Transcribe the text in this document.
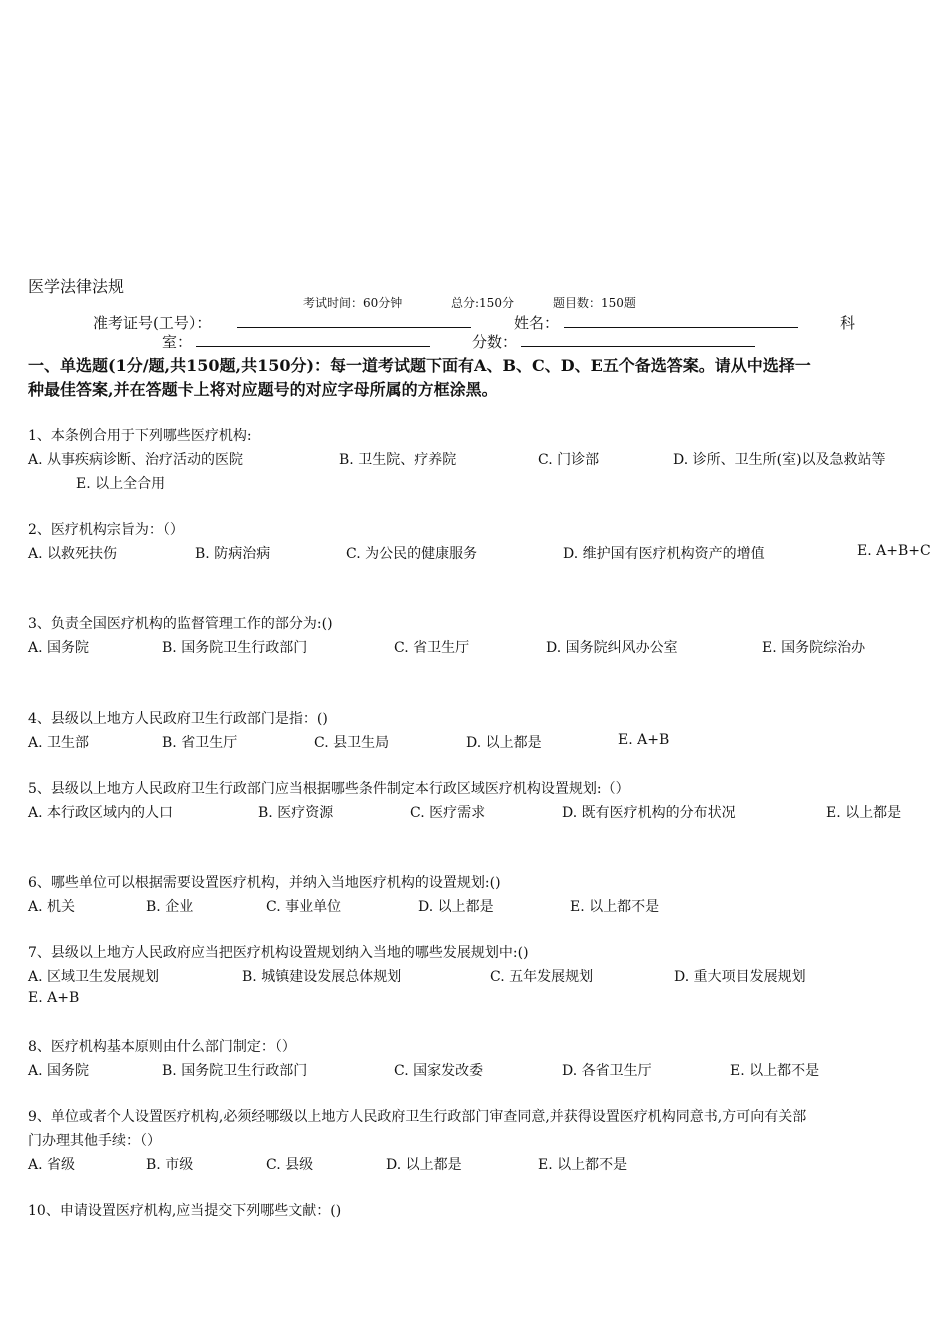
医学法律法规
考试时间：60分钟	总分:150分	题目数：150题
准考证号(工号）：	姓名：	科
室：	分数：
一、单选题(1分/题,共150题,共150分)：每一道考试题下面有A、B、C、D、E五个备选答案。请从中选择一
种最佳答案,并在答题卡上将对应题号的对应字母所属的方框涂黑。
1、本条例合用于下列哪些医疗机构:
A. 从事疾病诊断、治疗活动的医院	B. 卫生院、疗养院	C. 门诊部	D. 诊所、卫生所(室)以及急救站等
E. 以上全合用
2、医疗机构宗旨为：（）
A. 以救死扶伤	B. 防病治病	C. 为公民的健康服务	D. 维护国有医疗机构资产的增值	E. A+B+C
3、负责全国医疗机构的监督管理工作的部分为:()
A. 国务院	B. 国务院卫生行政部门	C. 省卫生厅	D. 国务院纠风办公室	E. 国务院综治办
4、县级以上地方人民政府卫生行政部门是指：()
A. 卫生部	B. 省卫生厅	C. 县卫生局	D. 以上都是	E. A+B
5、县级以上地方人民政府卫生行政部门应当根据哪些条件制定本行政区域医疗机构设置规划:（）
A. 本行政区域内的人口	B. 医疗资源	C. 医疗需求	D. 既有医疗机构的分布状况	E. 以上都是
6、哪些单位可以根据需要设置医疗机构，并纳入当地医疗机构的设置规划:()
A. 机关	B. 企业	C. 事业单位	D. 以上都是	E. 以上都不是
7、县级以上地方人民政府应当把医疗机构设置规划纳入当地的哪些发展规划中:()
A. 区域卫生发展规划	B. 城镇建设发展总体规划	C. 五年发展规划	D. 重大项目发展规划
E. A+B
8、医疗机构基本原则由什么部门制定：（）
A. 国务院	B. 国务院卫生行政部门	C. 国家发改委	D. 各省卫生厅	E. 以上都不是
9、单位或者个人设置医疗机构,必须经哪级以上地方人民政府卫生行政部门审查同意,并获得设置医疗机构同意书,方可向有关部
门办理其他手续：（）
A. 省级	B. 市级	C. 县级	D. 以上都是	E. 以上都不是
10、申请设置医疗机构,应当提交下列哪些文献：()
